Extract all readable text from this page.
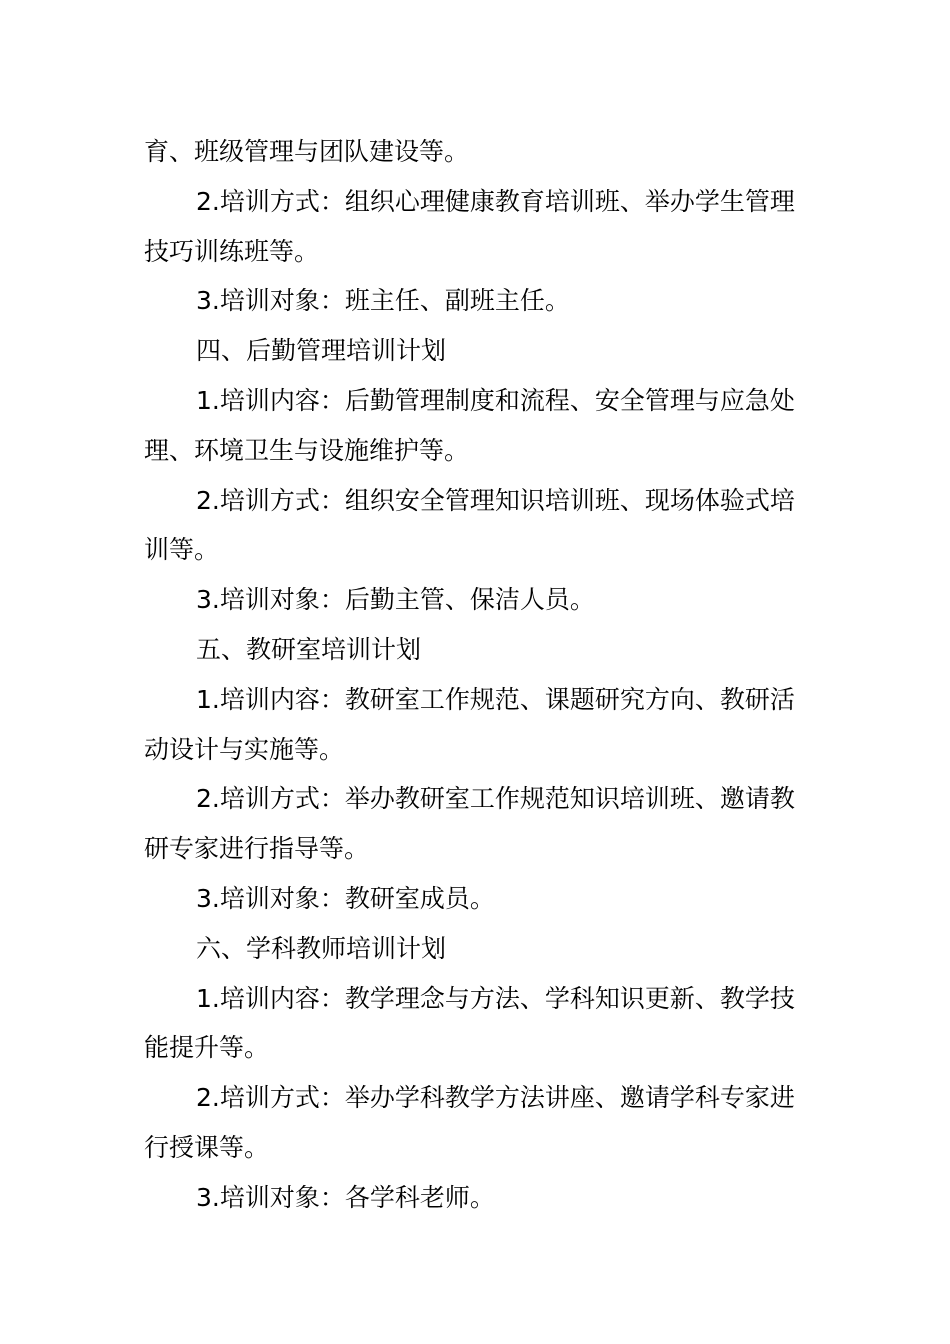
育、班级管理与团队建设等。
2.培训方式：组织心理健康教育培训班、举办学生管理
技巧训练班等。
3.培训对象：班主任、副班主任。
四、后勤管理培训计划
1.培训内容：后勤管理制度和流程、安全管理与应急处
理、环境卫生与设施维护等。
2.培训方式：组织安全管理知识培训班、现场体验式培
训等。
3.培训对象：后勤主管、保洁人员。
五、教研室培训计划
1.培训内容：教研室工作规范、课题研究方向、教研活
动设计与实施等。
2.培训方式：举办教研室工作规范知识培训班、邀请教
研专家进行指导等。
3.培训对象：教研室成员。
六、学科教师培训计划
1.培训内容：教学理念与方法、学科知识更新、教学技
能提升等。
2.培训方式：举办学科教学方法讲座、邀请学科专家进
行授课等。
3.培训对象：各学科老师。
